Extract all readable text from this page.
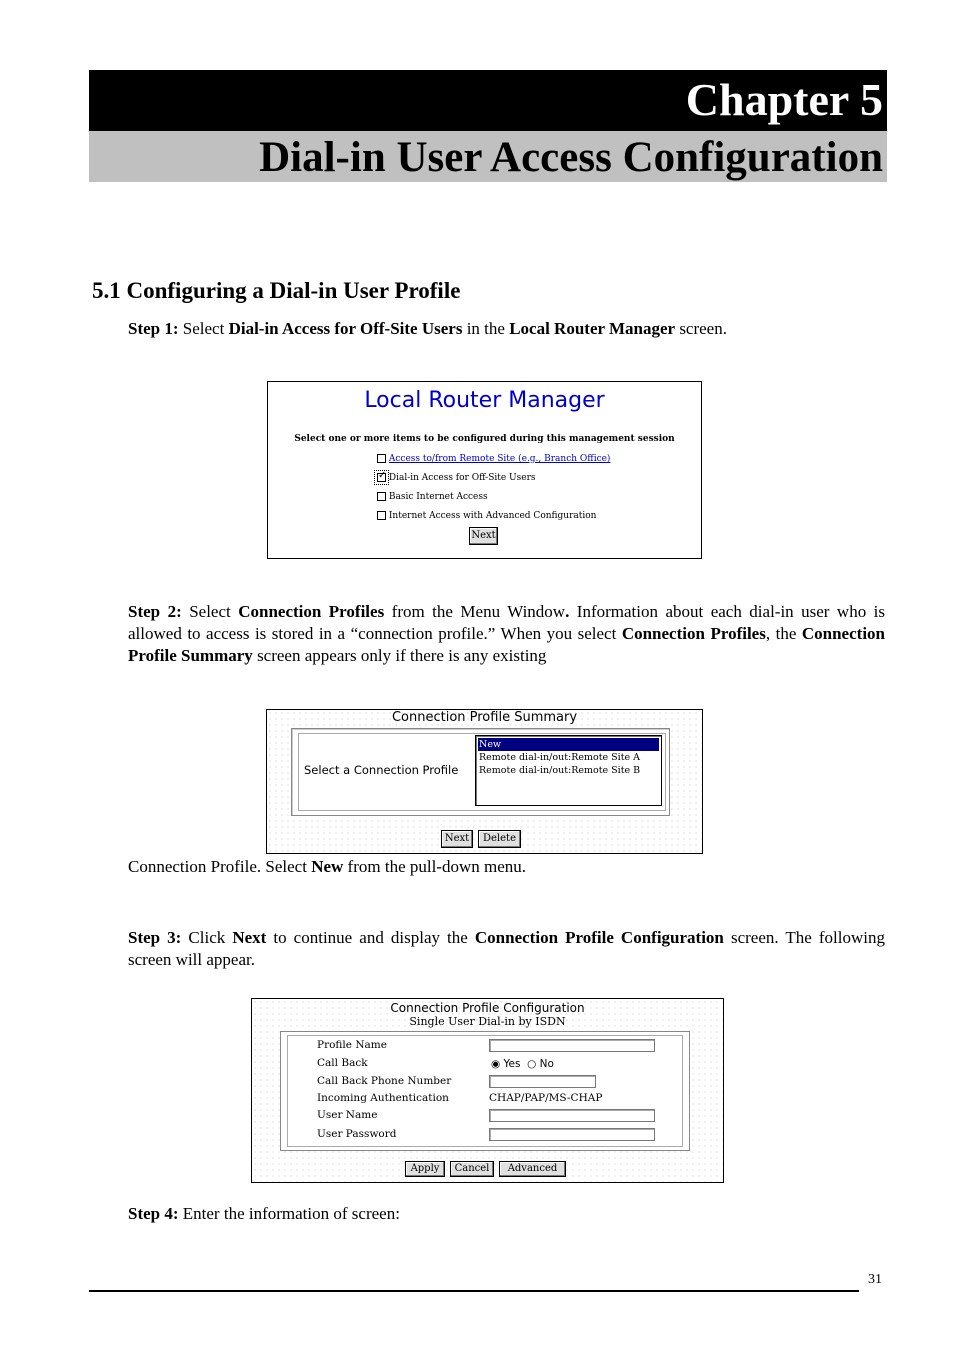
Chapter 5
Dial-in User Access Configuration
5.1 Configuring a Dial-in User Profile
Step 1: Select Dial-in Access for Off-Site Users in the Local Router Manager screen.
Local Router Manager
Select one or more items to be configured during this management session
Access to/from Remote Site (e.g., Branch Office)
✓ Dial-in Access for Off-Site Users
Basic Internet Access
Internet Access with Advanced Configuration
Next
Step 2: Select Connection Profiles from the Menu Window. Information about each dial-in user who is allowed to access is stored in a “connection profile.” When you select Connection Profiles, the Connection Profile Summary screen appears only if there is any existing
Connection Profile Summary
Select a Connection Profile
New
Remote dial-in/out:Remote Site A
Remote dial-in/out:Remote Site B
Next	Delete
Connection Profile. Select New from the pull-down menu.
Step 3: Click Next to continue and display the Connection Profile Configuration screen. The following screen will appear.
Connection Profile Configuration
Single User Dial-in by ISDN
Profile Name
Call Back	◉ Yes ○ No
Call Back Phone Number
Incoming Authentication	CHAP/PAP/MS-CHAP
User Name
User Password
Apply	Cancel	Advanced
Step 4: Enter the information of screen:
31
